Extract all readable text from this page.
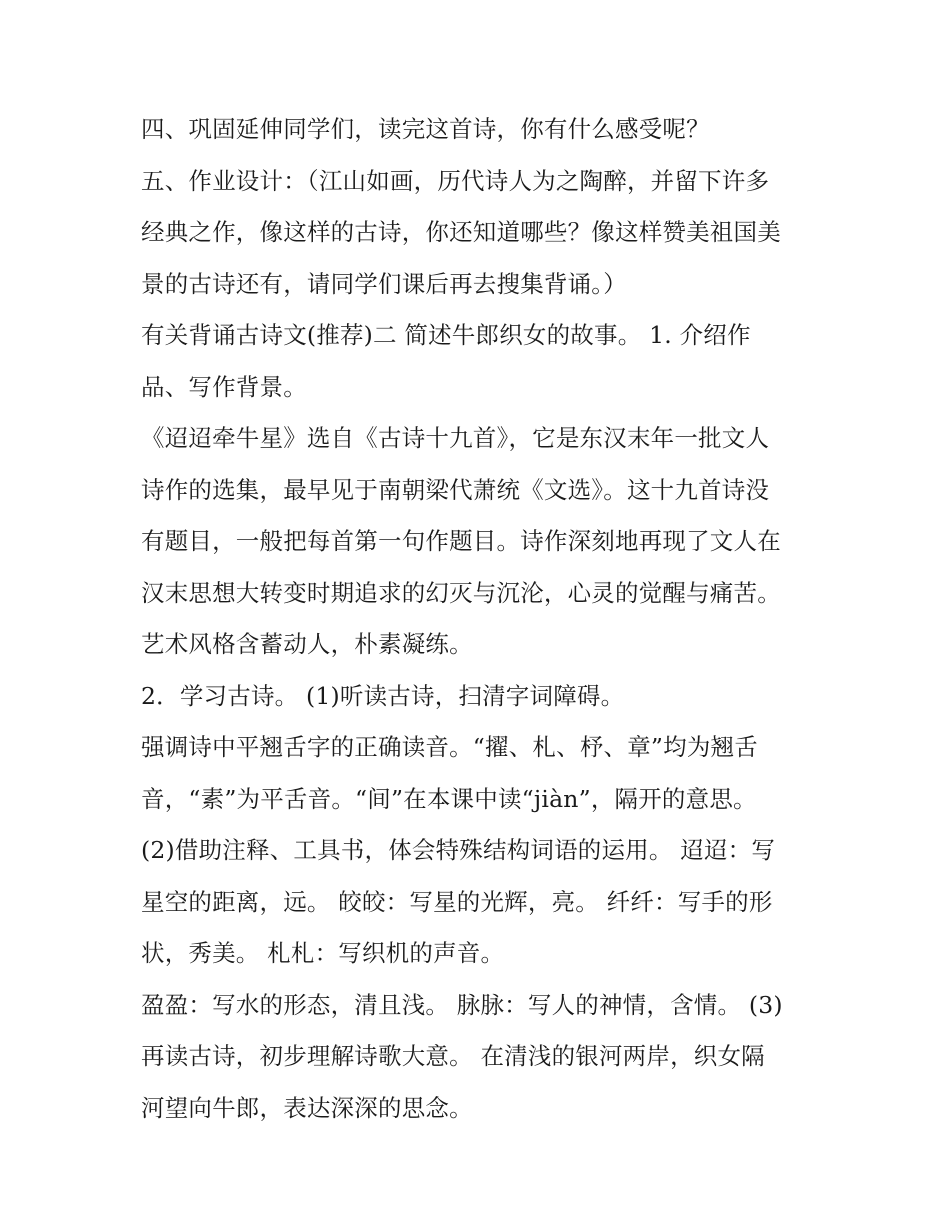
四、巩固延伸同学们，读完这首诗，你有什么感受呢？
五、作业设计：（江山如画，历代诗人为之陶醉，并留下许多
经典之作，像这样的古诗，你还知道哪些？像这样赞美祖国美
景的古诗还有，请同学们课后再去搜集背诵。）
有关背诵古诗文(推荐)二 简述牛郎织女的故事。 1. 介绍作
品、写作背景。
《迢迢牵牛星》选自《古诗十九首》，它是东汉末年一批文人
诗作的选集，最早见于南朝梁代萧统《文选》。这十九首诗没
有题目，一般把每首第一句作题目。诗作深刻地再现了文人在
汉末思想大转变时期追求的幻灭与沉沦，心灵的觉醒与痛苦。
艺术风格含蓄动人，朴素凝练。
2．学习古诗。 (1)听读古诗，扫清字词障碍。
强调诗中平翘舌字的正确读音。“擢、札、杼、章”均为翘舌
音，“素”为平舌音。“间”在本课中读“jiàn”，隔开的意思。
(2)借助注释、工具书，体会特殊结构词语的运用。 迢迢：写
星空的距离，远。 皎皎：写星的光辉，亮。 纤纤：写手的形
状，秀美。 札札：写织机的声音。
盈盈：写水的形态，清且浅。 脉脉：写人的神情，含情。 (3)
再读古诗，初步理解诗歌大意。 在清浅的银河两岸，织女隔
河望向牛郎，表达深深的思念。
